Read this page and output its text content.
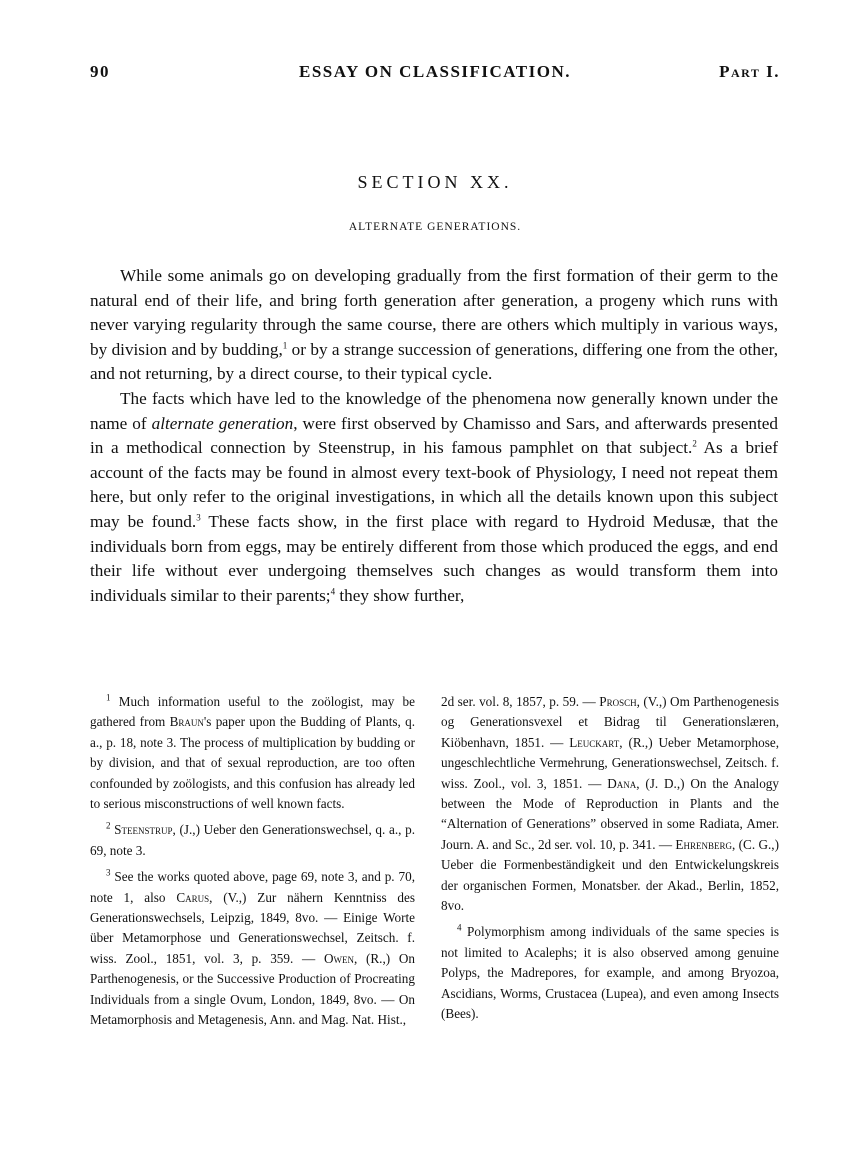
90	ESSAY ON CLASSIFICATION.	Part I.
SECTION XX.
ALTERNATE GENERATIONS.

While some animals go on developing gradually from the first formation of their germ to the natural end of their life, and bring forth generation after generation, a progeny which runs with never varying regularity through the same course, there are others which multiply in various ways, by division and by budding,$^1$ or by a strange succession of generations, differing one from the other, and not returning, by a direct course, to their typical cycle.

The facts which have led to the knowledge of the phenomena now generally known under the name of alternate generation, were first observed by Chamisso and Sars, and afterwards presented in a methodical connection by Steenstrup, in his famous pamphlet on that subject.$^2$ As a brief account of the facts may be found in almost every text-book of Physiology, I need not repeat them here, but only refer to the original investigations, in which all the details known upon this subject may be found.$^3$ These facts show, in the first place with regard to Hydroid Medusæ, that the individuals born from eggs, may be entirely different from those which produced the eggs, and end their life without ever undergoing themselves such changes as would transform them into individuals similar to their parents;$^4$ they show further,

$^1$ Much information useful to the zoölogist, may be gathered from Braun's paper upon the Budding of Plants, q. a., p. 18, note 3. The process of multiplication by budding or by division, and that of sexual reproduction, are too often confounded by zoölogists, and this confusion has already led to serious misconstructions of well known facts.

$^2$ Steenstrup, (J.,) Ueber den Generationswechsel, q. a., p. 69, note 3.

$^3$ See the works quoted above, page 69, note 3, and p. 70, note 1, also Carus, (V.,) Zur nähern Kenntniss des Generationswechsels, Leipzig, 1849, 8vo. — Einige Worte über Metamorphose und Generationswechsel, Zeitsch. f. wiss. Zool., 1851, vol. 3, p. 359. — Owen, (R.,) On Parthenogenesis, or the Successive Production of Procreating Individuals from a single Ovum, London, 1849, 8vo. — On Metamorphosis and Metagenesis, Ann. and Mag. Nat. Hist.,

2d ser. vol. 8, 1857, p. 59. — Prosch, (V.,) Om Parthenogenesis og Generationsvexel et Bidrag til Generationslæren, Kiöbenhavn, 1851. — Leuckart, (R.,) Ueber Metamorphose, ungeschlechtliche Vermehrung, Generationswechsel, Zeitsch. f. wiss. Zool., vol. 3, 1851. — Dana, (J. D.,) On the Analogy between the Mode of Reproduction in Plants and the “Alternation of Generations” observed in some Radiata, Amer. Journ. A. and Sc., 2d ser. vol. 10, p. 341. — Ehrenberg, (C. G.,) Ueber die Formenbeständigkeit und den Entwickelungskreis der organischen Formen, Monatsber. der Akad., Berlin, 1852, 8vo.

$^4$ Polymorphism among individuals of the same species is not limited to Acalephs; it is also observed among genuine Polyps, the Madrepores, for example, and among Bryozoa, Ascidians, Worms, Crustacea (Lupea), and even among Insects (Bees).
